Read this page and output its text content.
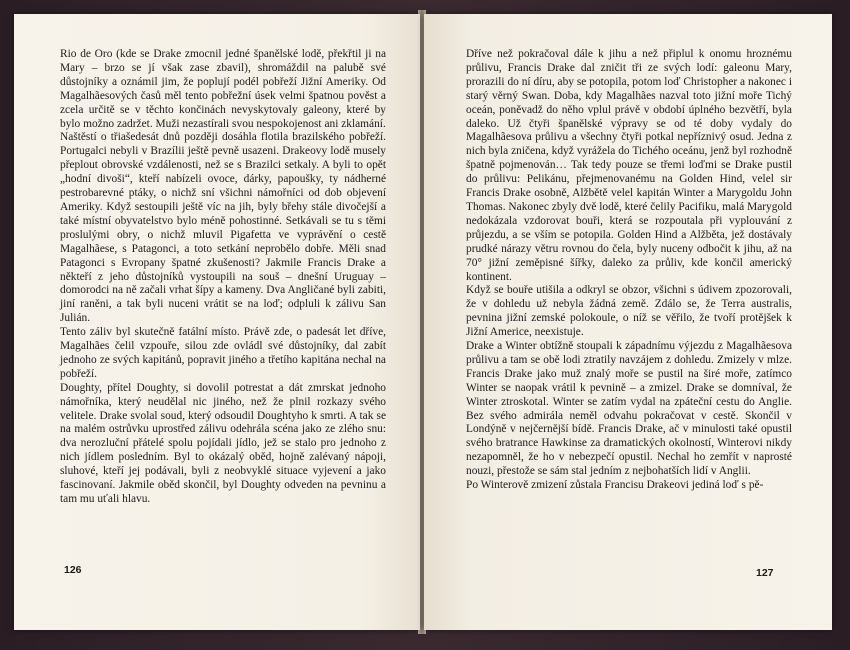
Rio de Oro (kde se Drake zmocnil jedné španělské lodě, překřtil ji na Mary – brzo se jí však zase zbavil), shromáždil na palubě své důstojníky a oznámil jim, že poplují podél pobřeží Jižní Ameriky. Od Magalhãesových časů měl tento pobřežní úsek velmi špatnou pověst a zcela určitě se v těchto končinách nevyskytovaly galeony, které by bylo možno zadržet. Muži nezastírali svou nespokojenost ani zklamání.

Naštěstí o třiašedesát dnů později dosáhla flotila brazilského pobřeží. Portugalci nebyli v Brazílii ještě pevně usazeni. Drakeovy lodě musely přeplout obrovské vzdálenosti, než se s Brazilci setkaly. A byli to opět „hodní divoši“, kteří nabízeli ovoce, dárky, papoušky, ty nádherné pestrobarevné ptáky, o nichž sní všichni námořníci od dob objevení Ameriky. Když sestoupili ještě víc na jih, byly břehy stále divočejší a také místní obyvatelstvo bylo méně pohostinné. Setkávali se tu s těmi proslulými obry, o nichž mluvil Pigafetta ve vyprávění o cestě Magalhãese, s Patagonci, a toto setkání neprobělo dobře. Měli snad Patagonci s Evropany špatné zkušenosti? Jakmile Francis Drake a někteří z jeho důstojníků vystoupili na souš – dnešní Uruguay – domorodci na ně začali vrhat šípy a kameny. Dva Angličané byli zabiti, jiní raněni, a tak byli nuceni vrátit se na loď; odpluli k zálivu San Julián.

Tento záliv byl skutečně fatální místo. Právě zde, o padesát let dříve, Magalhães čelil vzpouře, silou zde ovládl své důstojníky, dal zabít jednoho ze svých kapitánů, popravit jiného a třetího kapitána nechal na pobřeží.

Doughty, přítel Doughty, si dovolil potrestat a dát zmrskat jednoho námořníka, který neudělal nic jiného, než že plnil rozkazy svého velitele. Drake svolal soud, který odsoudil Doughtyho k smrti. A tak se na malém ostrůvku uprostřed zálivu odehrála scéna jako ze zlého snu: dva nerozluční přátelé spolu pojídali jídlo, jež se stalo pro jednoho z nich jídlem posledním. Byl to okázalý oběd, hojně zalévaný nápoji, sluhové, kteří jej podávali, byli z neobvyklé situace vyjevení a jako fascinovaní. Jakmile oběd skončil, byl Doughty odveden na pevninu a tam mu uťali hlavu.

126

Dříve než pokračoval dále k jihu a než připlul k onomu hroznému průlivu, Francis Drake dal zničit tři ze svých lodí: galeonu Mary, prorazili do ní díru, aby se potopila, potom loď Christopher a nakonec i starý věrný Swan. Doba, kdy Magalhães nazval toto jižní moře Tichý oceán, poněvadž do něho vplul právě v období úplného bezvětří, byla daleko. Už čtyři španělské výpravy se od té doby vydaly do Magalhãesova průlivu a všechny čtyři potkal nepříznivý osud. Jedna z nich byla zničena, když vyrážela do Tichého oceánu, jenž byl rozhodně špatně pojmenován… Tak tedy pouze se třemi loďmi se Drake pustil do průlivu: Pelikánu, přejmenovanému na Golden Hind, velel sir Francis Drake osobně, Alžbětě velel kapitán Winter a Marygoldu John Thomas. Nakonec zbyly dvě lodě, které čelily Pacifiku, malá Marygold nedokázala vzdorovat bouři, která se rozpoutala při vyplouvání z průjezdu, a se vším se potopila. Golden Hind a Alžběta, jež dostávaly prudké nárazy větru rovnou do čela, byly nuceny odbočit k jihu, až na 70° jižní zeměpisné šířky, daleko za průliv, kde končil americký kontinent.

Když se bouře utišila a odkryl se obzor, všichni s údivem zpozorovali, že v dohledu už nebyla žádná země. Zdálo se, že Terra australis, pevnina jižní zemské polokoule, o níž se věřilo, že tvoří protějšek k Jižní Americe, neexistuje.

Drake a Winter obtížně stoupali k západnímu výjezdu z Magalhãesova průlivu a tam se obě lodi ztratily navzájem z dohledu. Zmizely v mlze. Francis Drake jako muž znalý moře se pustil na širé moře, zatímco Winter se naopak vrátil k pevnině – a zmizel. Drake se domníval, že Winter ztroskotal. Winter se zatím vydal na zpáteční cestu do Anglie. Bez svého admirála neměl odvahu pokračovat v cestě. Skončil v Londýně v nejčernější bídě. Francis Drake, ač v minulosti také opustil svého bratrance Hawkinse za dramatických okolností, Winterovi nikdy nezapomněl, že ho v nebezpečí opustil. Nechal ho zemřít v naprosté nouzi, přestože se sám stal jedním z nejbohatších lidí v Anglii.

Po Winterově zmizení zůstala Francisu Drakeovi jediná loď s pě-

127
